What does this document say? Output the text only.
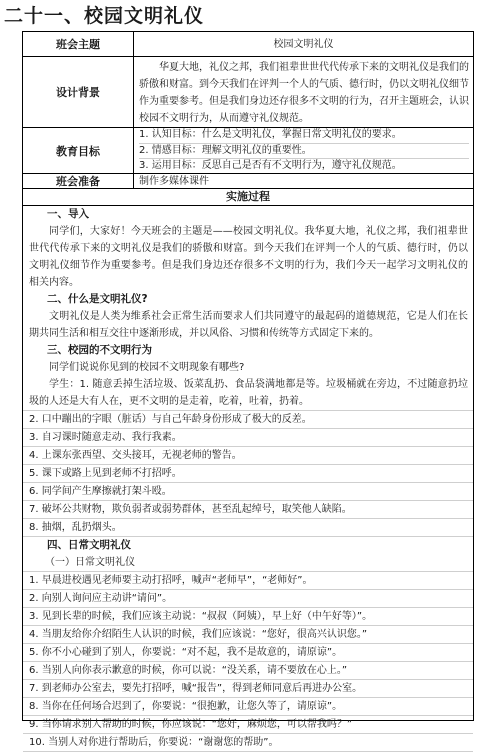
二十一、校园文明礼仪
班会主题	校园文明礼仪
设计背景
华夏大地，礼仪之邦，我们祖辈世世代代传承下来的文明礼仪是我们的骄傲和财富。到今天我们在评判一个人的气质、德行时，仍以文明礼仪细节作为重要参考。但是我们身边还存很多不文明的行为，召开主题班会，认识校园不文明行为，从而遵守礼仪规范。
教育目标
1. 认知目标：什么是文明礼仪，掌握日常文明礼仪的要求。
2. 情感目标：理解文明礼仪的重要性。
3. 运用目标：反思自己是否有不文明行为，遵守礼仪规范。
班会准备	制作多媒体课件
实施过程

一、导入

同学们，大家好！今天班会的主题是——校园文明礼仪。我华夏大地，礼仪之邦，我们祖辈世世代代传承下来的文明礼仪是我们的骄傲和财富。到今天我们在评判一个人的气质、德行时，仍以文明礼仪细节作为重要参考。但是我们身边还存很多不文明的行为，我们今天一起学习文明礼仪的相关内容。

二、什么是文明礼仪?

文明礼仪是人类为维系社会正常生活而要求人们共同遵守的最起码的道德规范，它是人们在长期共同生活和相互交往中逐渐形成，并以风俗、习惯和传统等方式固定下来的。

三、校园的不文明行为

同学们说说你见到的校园不文明现象有哪些?

学生：1. 随意丢掉生活垃圾、饭菜乱扔、食品袋满地都是等。垃圾桶就在旁边，不过随意扔垃圾的人还是大有人在，更不文明的是走着，吃着，吐着，扔着。

2. 口中蹦出的字眼（脏话）与自己年龄身份形成了极大的反差。

3. 自习课时随意走动、我行我素。

4. 上课东张西望、交头接耳，无视老师的警告。

5. 课下或路上见到老师不打招呼。

6. 同学间产生摩擦就打架斗殴。

7. 破坏公共财物，欺负弱者或弱势群体，甚至乱起绰号，取笑他人缺陷。

8. 抽烟，乱扔烟头。

四、日常文明礼仪

（一）日常文明礼仪

1. 早晨进校遇见老师要主动打招呼，喊声“老师早”，“老师好”。

2. 向别人询问应主动讲“请问”。

3. 见到长辈的时候，我们应该主动说：“叔叔（阿姨），早上好（中午好等）”。

4. 当朋友给你介绍陌生人认识的时候，我们应该说：“您好，很高兴认识您。”

5. 你不小心碰到了别人，你要说：“对不起，我不是故意的，请原谅”。

6. 当别人向你表示歉意的时候，你可以说：“没关系，请不要放在心上。”

7. 到老师办公室去，要先打招呼，喊“报告”，得到老师同意后再进办公室。

8. 当你在任何场合迟到了，你要说：“很抱歉，让您久等了，请原谅”。

9. 当你请求别人帮助的时候，你应该说：“您好，麻烦您，可以帮我吗？”

10. 当别人对你进行帮助后，你要说：“谢谢您的帮助”。
